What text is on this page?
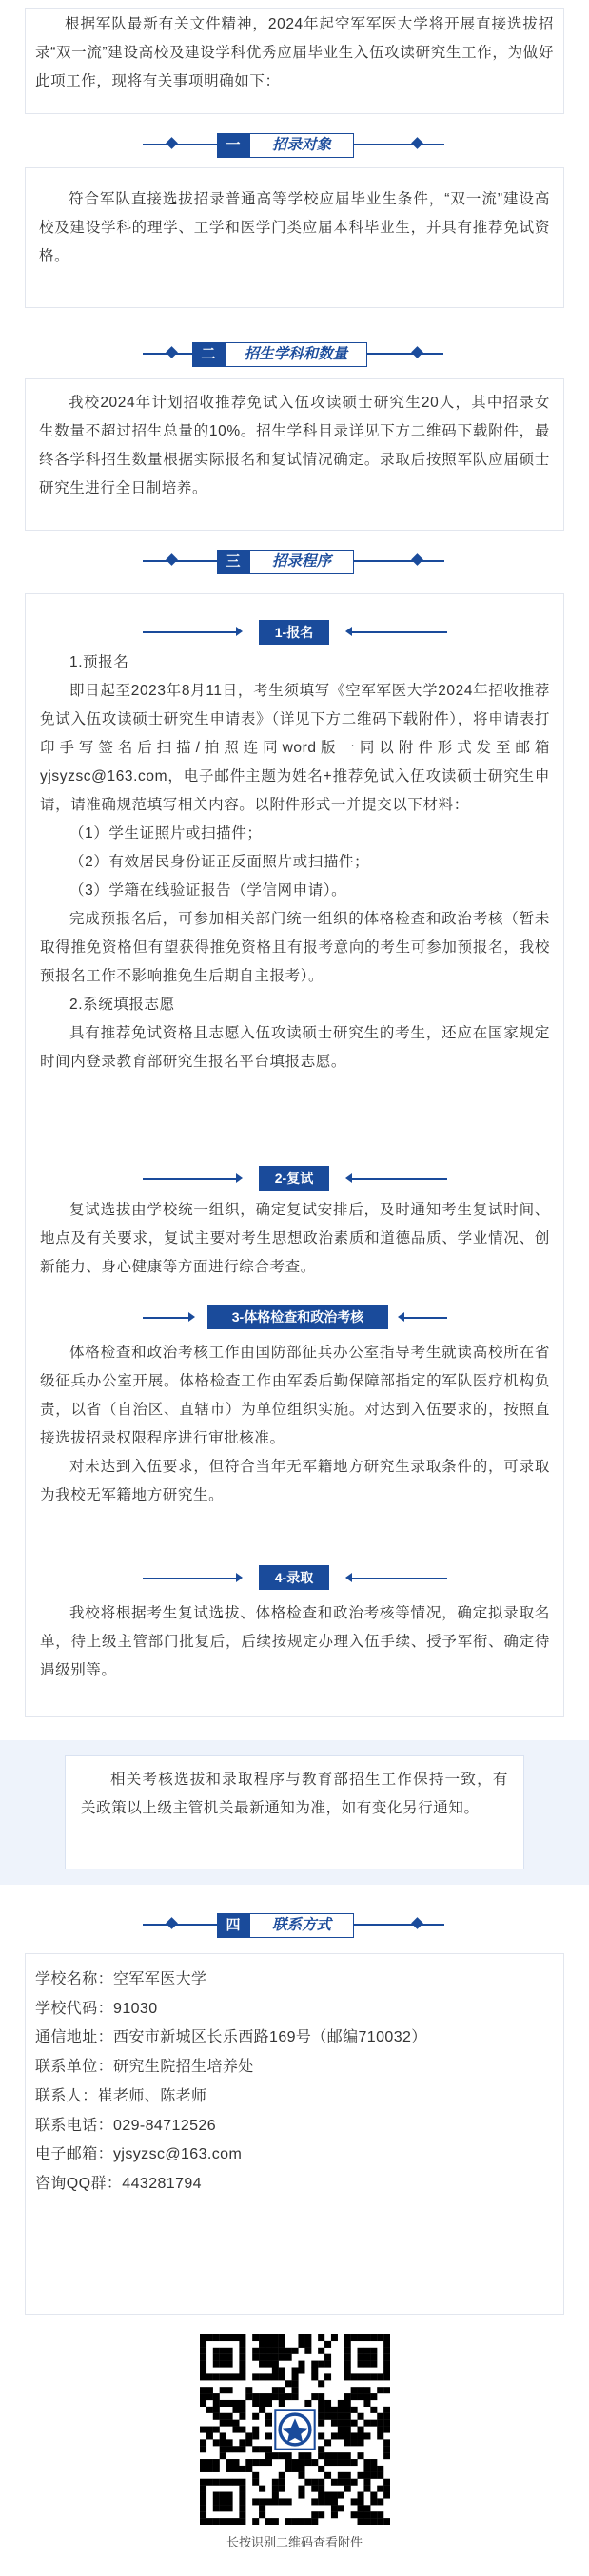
根据军队最新有关文件精神，2024年起空军军医大学将开展直接选拔招录“双一流”建设高校及建设学科优秀应届毕业生入伍攻读研究生工作，为做好此项工作，现将有关事项明确如下：

一	招录对象

符合军队直接选拔招录普通高等学校应届毕业生条件，“双一流”建设高校及建设学科的理学、工学和医学门类应届本科毕业生，并具有推荐免试资格。

二	招生学科和数量

我校2024年计划招收推荐免试入伍攻读硕士研究生20人，其中招录女生数量不超过招生总量的10%。招生学科目录详见下方二维码下载附件，最终各学科招生数量根据实际报名和复试情况确定。录取后按照军队应届硕士研究生进行全日制培养。

三	招录程序
1-报名

1.预报名

即日起至2023年8月11日，考生须填写《空军军医大学2024年招收推荐免试入伍攻读硕士研究生申请表》（详见下方二维码下载附件），将申请表打印手写签名后扫描/拍照连同word版一同以附件形式发至邮箱yjsyzsc@163.com，电子邮件主题为姓名+推荐免试入伍攻读硕士研究生申请，请准确规范填写相关内容。以附件形式一并提交以下材料：

（1）学生证照片或扫描件；

（2）有效居民身份证正反面照片或扫描件；

（3）学籍在线验证报告（学信网申请）。

完成预报名后，可参加相关部门统一组织的体格检查和政治考核（暂未取得推免资格但有望获得推免资格且有报考意向的考生可参加预报名，我校预报名工作不影响推免生后期自主报考）。

2.系统填报志愿

具有推荐免试资格且志愿入伍攻读硕士研究生的考生，还应在国家规定时间内登录教育部研究生报名平台填报志愿。

2-复试

复试选拔由学校统一组织，确定复试安排后，及时通知考生复试时间、地点及有关要求，复试主要对考生思想政治素质和道德品质、学业情况、创新能力、身心健康等方面进行综合考查。

3-体格检查和政治考核

体格检查和政治考核工作由国防部征兵办公室指导考生就读高校所在省级征兵办公室开展。体格检查工作由军委后勤保障部指定的军队医疗机构负责，以省（自治区、直辖市）为单位组织实施。对达到入伍要求的，按照直接选拔招录权限程序进行审批核准。

对未达到入伍要求，但符合当年无军籍地方研究生录取条件的，可录取为我校无军籍地方研究生。

4-录取

我校将根据考生复试选拔、体格检查和政治考核等情况，确定拟录取名单，待上级主管部门批复后，后续按规定办理入伍手续、授予军衔、确定待遇级别等。

相关考核选拔和录取程序与教育部招生工作保持一致，有关政策以上级主管机关最新通知为准，如有变化另行通知。

四	联系方式

学校名称：空军军医大学

学校代码：91030

通信地址：西安市新城区长乐西路169号（邮编710032）

联系单位：研究生院招生培养处

联系人：崔老师、陈老师

联系电话：029-84712526

电子邮箱：yjsyzsc@163.com

咨询QQ群：443281794

长按识别二维码查看附件
